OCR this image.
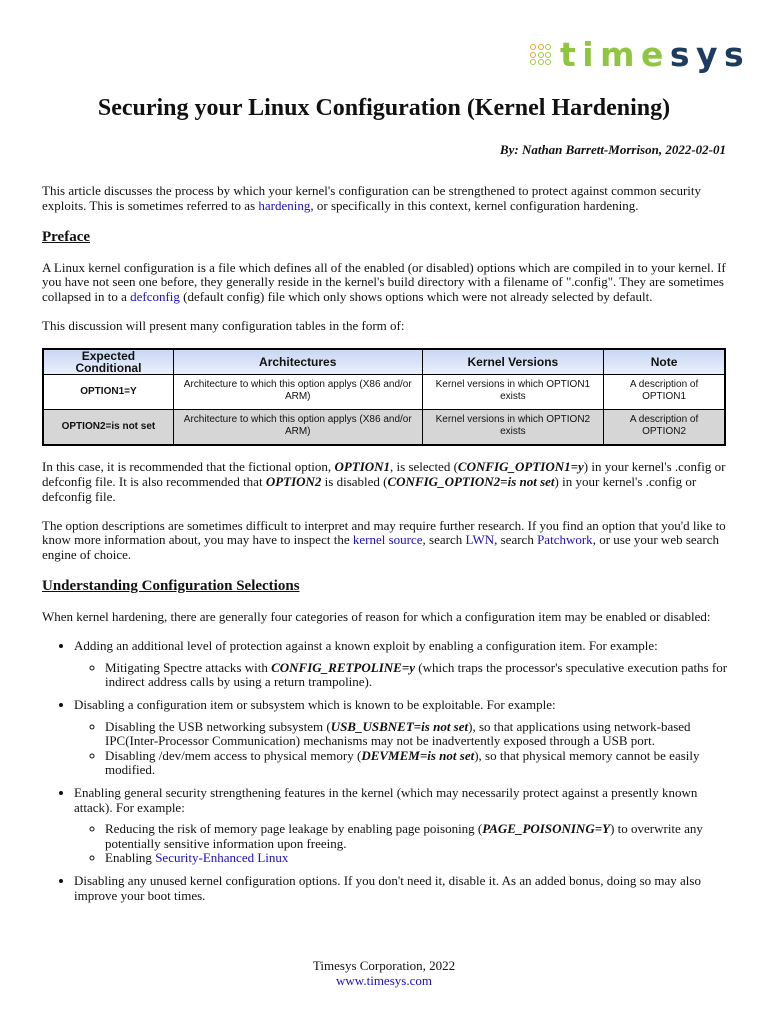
timesys
Securing your Linux Configuration (Kernel Hardening)

By: Nathan Barrett-Morrison, 2022-02-01

This article discusses the process by which your kernel's configuration can be strengthened to protect against common security exploits. This is sometimes referred to as hardening, or specifically in this context, kernel configuration hardening.

Preface

A Linux kernel configuration is a file which defines all of the enabled (or disabled) options which are compiled in to your kernel. If you have not seen one before, they generally reside in the kernel's build directory with a filename of ".config". They are sometimes collapsed in to a defconfig (default config) file which only shows options which were not already selected by default.

This discussion will present many configuration tables in the form of:

Expected Conditional	Architectures	Kernel Versions	Note
OPTION1=Y	Architecture to which this option applys (X86 and/or ARM)	Kernel versions in which OPTION1 exists	A description of OPTION1
OPTION2=is not set	Architecture to which this option applys (X86 and/or ARM)	Kernel versions in which OPTION2 exists	A description of OPTION2

In this case, it is recommended that the fictional option, OPTION1, is selected (CONFIG_OPTION1=y) in your kernel's .config or defconfig file. It is also recommended that OPTION2 is disabled (CONFIG_OPTION2=is not set) in your kernel's .config or defconfig file.

The option descriptions are sometimes difficult to interpret and may require further research. If you find an option that you'd like to know more information about, you may have to inspect the kernel source, search LWN, search Patchwork, or use your web search engine of choice.

Understanding Configuration Selections

When kernel hardening, there are generally four categories of reason for which a configuration item may be enabled or disabled:

• Adding an additional level of protection against a known exploit by enabling a configuration item. For example:
◦ Mitigating Spectre attacks with CONFIG_RETPOLINE=y (which traps the processor's speculative execution paths for indirect address calls by using a return trampoline).
• Disabling a configuration item or subsystem which is known to be exploitable. For example:
◦ Disabling the USB networking subsystem (USB_USBNET=is not set), so that applications using network-based IPC(Inter-Processor Communication) mechanisms may not be inadvertently exposed through a USB port.
◦ Disabling /dev/mem access to physical memory (DEVMEM=is not set), so that physical memory cannot be easily modified.
• Enabling general security strengthening features in the kernel (which may necessarily protect against a presently known attack). For example:
◦ Reducing the risk of memory page leakage by enabling page poisoning (PAGE_POISONING=Y) to overwrite any potentially sensitive information upon freeing.
◦ Enabling Security-Enhanced Linux
• Disabling any unused kernel configuration options. If you don't need it, disable it. As an added bonus, doing so may also improve your boot times.
Timesys Corporation, 2022
www.timesys.com
